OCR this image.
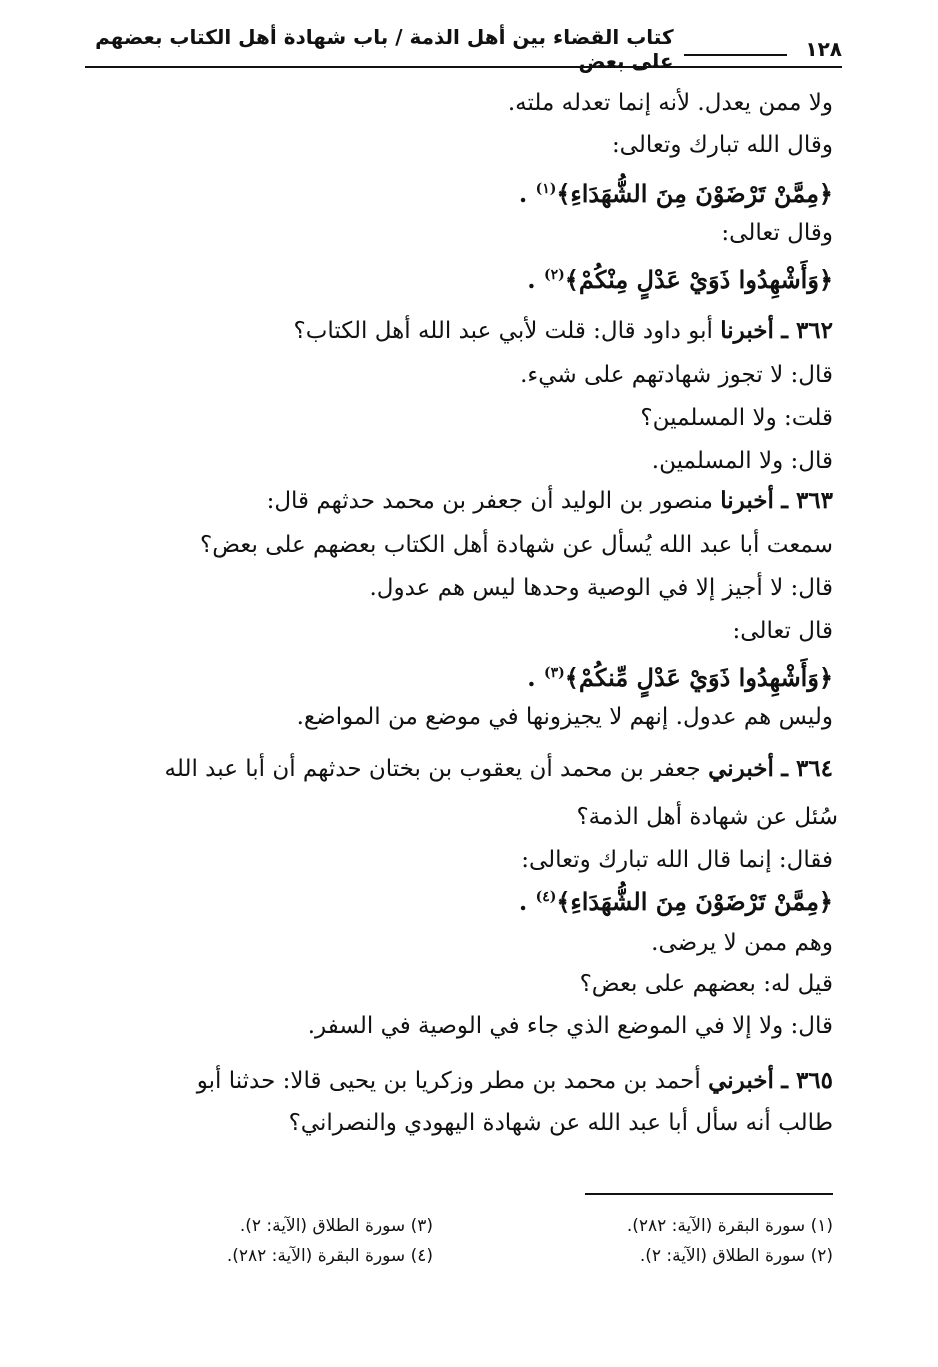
١٢٨
كتاب القضاء بين أهل الذمة / باب شهادة أهل الكتاب بعضهم على بعض
ولا ممن يعدل. لأنه إنما تعدله ملته.
وقال الله تبارك وتعالى:
﴿مِمَّنْ تَرْضَوْنَ مِنَ الشُّهَدَاءِ﴾$^{(١)}$ .
وقال تعالى:
﴿وَأَشْهِدُوا ذَوَيْ عَدْلٍ مِنْكُمْ﴾$^{(٢)}$ .
٣٦٢ ـ أخبرنا أبو داود قال: قلت لأبي عبد الله أهل الكتاب؟
قال: لا تجوز شهادتهم على شيء.
قلت: ولا المسلمين؟
قال: ولا المسلمين.
٣٦٣ ـ أخبرنا منصور بن الوليد أن جعفر بن محمد حدثهم قال:
سمعت أبا عبد الله يُسأل عن شهادة أهل الكتاب بعضهم على بعض؟
قال: لا أجيز إلا في الوصية وحدها ليس هم عدول.
قال تعالى:
﴿وَأَشْهِدُوا ذَوَيْ عَدْلٍ مِّنكُمْ﴾$^{(٣)}$ .
وليس هم عدول. إنهم لا يجيزونها في موضع من المواضع.
٣٦٤ ـ أخبرني جعفر بن محمد أن يعقوب بن بختان حدثهم أن أبا عبد الله
سُئل عن شهادة أهل الذمة؟
فقال: إنما قال الله تبارك وتعالى:
﴿مِمَّنْ تَرْضَوْنَ مِنَ الشُّهَدَاءِ﴾$^{(٤)}$ .
وهم ممن لا يرضى.
قيل له: بعضهم على بعض؟
قال: ولا إلا في الموضع الذي جاء في الوصية في السفر.
٣٦٥ ـ أخبرني أحمد بن محمد بن مطر وزكريا بن يحيى قالا: حدثنا أبو
طالب أنه سأل أبا عبد الله عن شهادة اليهودي والنصراني؟
(١) سورة البقرة (الآية: ٢٨٢).
(٢) سورة الطلاق (الآية: ٢).
(٣) سورة الطلاق (الآية: ٢).
(٤) سورة البقرة (الآية: ٢٨٢).
